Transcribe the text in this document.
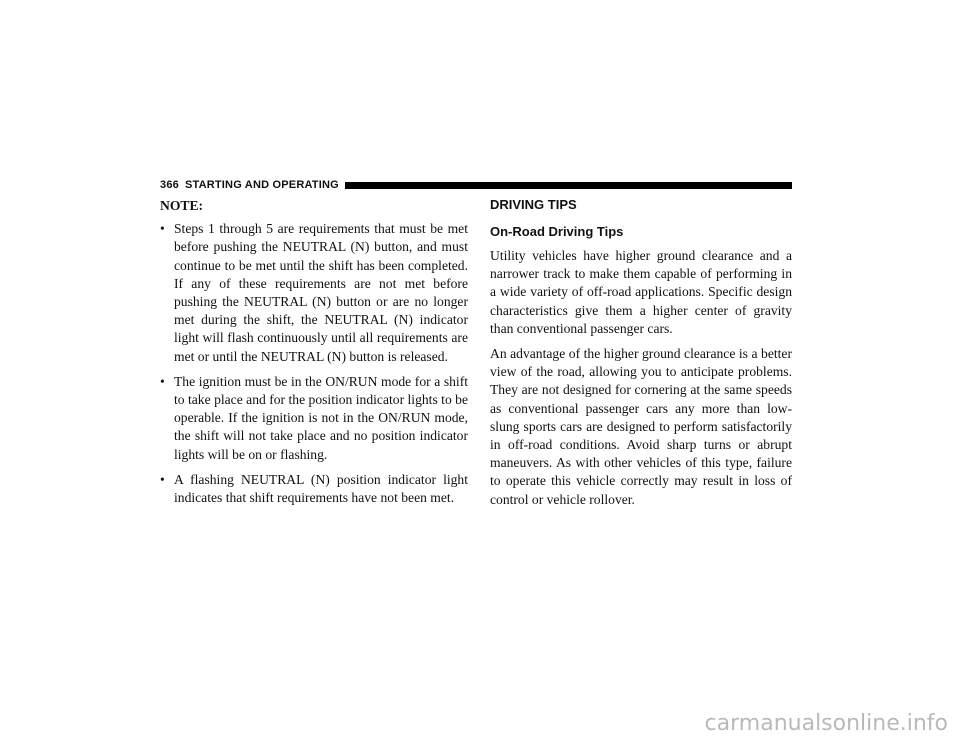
366 STARTING AND OPERATING

NOTE:

• Steps 1 through 5 are requirements that must be met before pushing the NEUTRAL (N) button, and must continue to be met until the shift has been completed. If any of these requirements are not met before pushing the NEUTRAL (N) button or are no longer met during the shift, the NEUTRAL (N) indicator light will flash continuously until all requirements are met or until the NEUTRAL (N) button is released.
• The ignition must be in the ON/RUN mode for a shift to take place and for the position indicator lights to be operable. If the ignition is not in the ON/RUN mode, the shift will not take place and no position indicator lights will be on or flashing.
• A flashing NEUTRAL (N) position indicator light indicates that shift requirements have not been met.
DRIVING TIPS
On-Road Driving Tips

Utility vehicles have higher ground clearance and a narrower track to make them capable of performing in a wide variety of off-road applications. Specific design characteristics give them a higher center of gravity than conventional passenger cars.

An advantage of the higher ground clearance is a better view of the road, allowing you to anticipate problems. They are not designed for cornering at the same speeds as conventional passenger cars any more than low-slung sports cars are designed to perform satisfactorily in off-road conditions. Avoid sharp turns or abrupt maneuvers. As with other vehicles of this type, failure to operate this vehicle correctly may result in loss of control or vehicle rollover.

carmanualsonline.info
